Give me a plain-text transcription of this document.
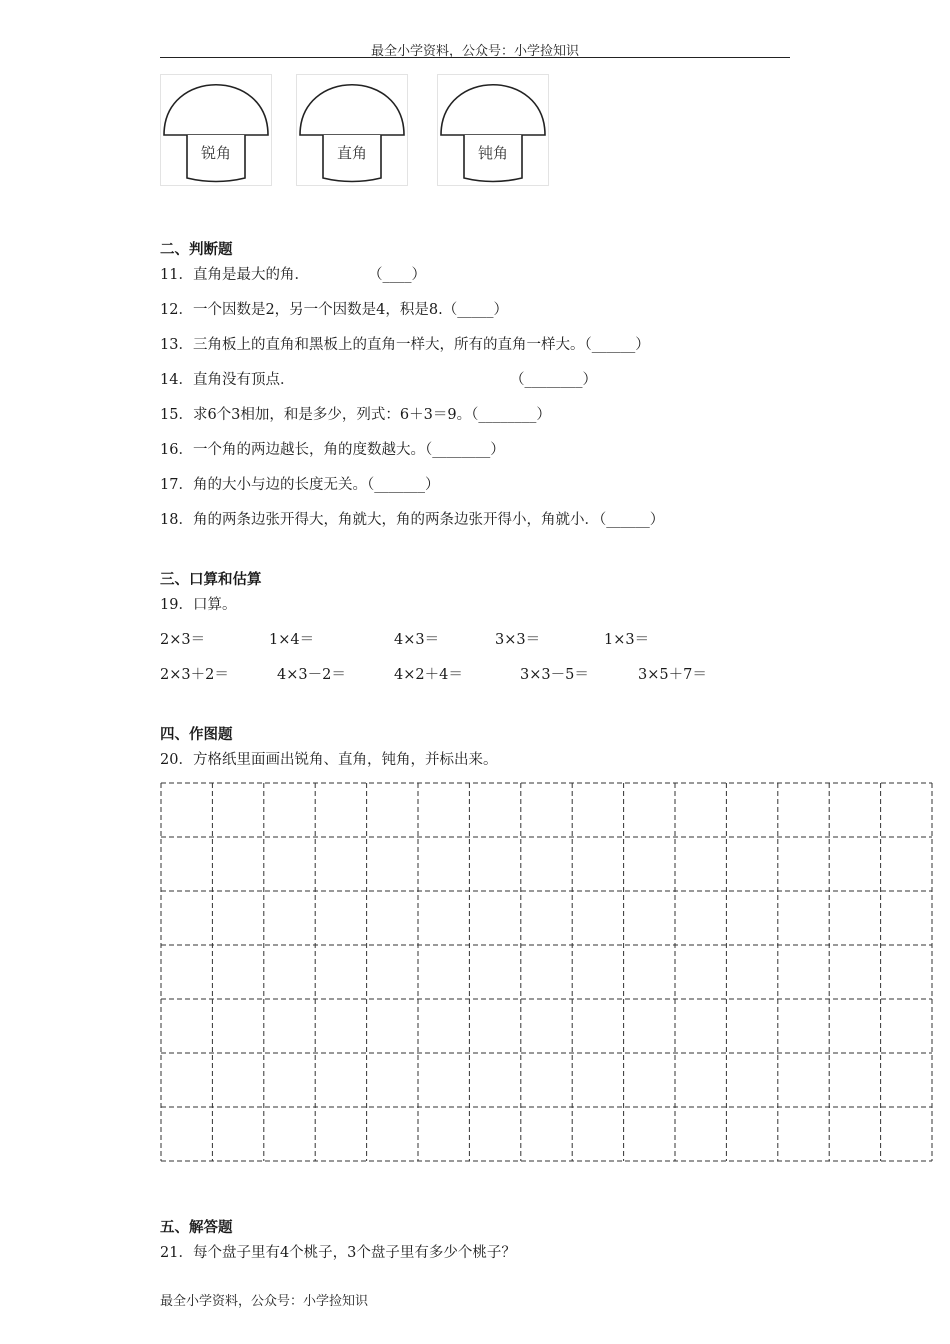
最全小学资料，公众号：小学捡知识
锐角	直角	钝角
二、判断题
11．直角是最大的角．	（____）
12．一个因数是2，另一个因数是4，积是8.（_____）
13．三角板上的直角和黑板上的直角一样大，所有的直角一样大。（______）
14．直角没有顶点．	（________）
15．求6个3相加，和是多少，列式：6＋3＝9。（________）
16．一个角的两边越长，角的度数越大。（________）
17．角的大小与边的长度无关。（_______）
18．角的两条边张开得大，角就大，角的两条边张开得小，角就小．（______）
三、口算和估算
19．口算。
2×3＝	1×4＝	4×3＝	3×3＝	1×3＝
2×3＋2＝	4×3－2＝	4×2＋4＝	3×3－5＝	3×5＋7＝
四、作图题
20．方格纸里面画出锐角、直角，钝角，并标出来。
五、解答题
21．每个盘子里有4个桃子，3个盘子里有多少个桃子？
最全小学资料，公众号：小学捡知识
